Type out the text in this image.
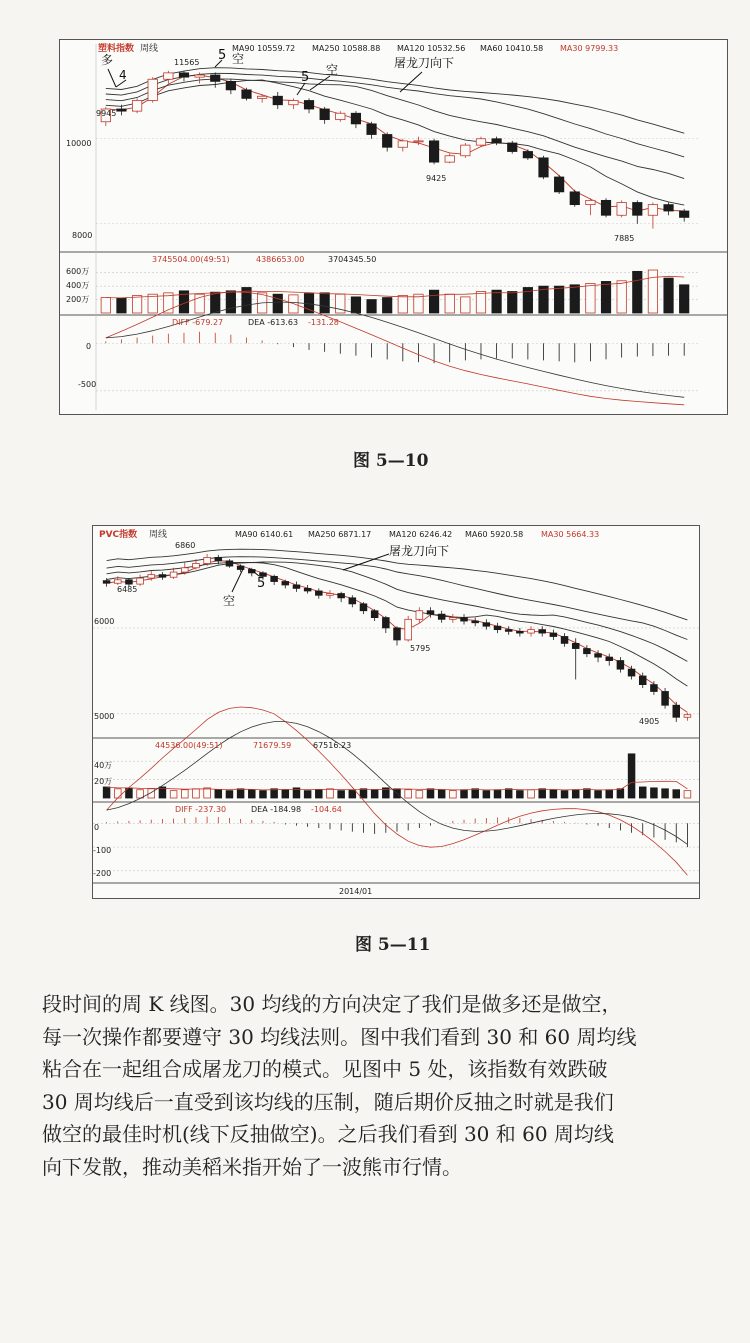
塑料指数 周线	MA90 10559.72 MA250 10588.88 MA120 10532.56 MA60 10410.58 MA30 9799.33
10000
8000
11565
9945
9425
7885
多
4
5 空
5 空	屠龙刀向下
3745504.00(49:51)	4386653.00	3704345.50
600万
400万
200万
DIFF -679.27	DEA -613.63 -131.28
0
-500
图 5—10
PVC指数 周线	MA90 6140.61 MA250 6871.17 MA120 6246.42 MA60 5920.58 MA30 5664.33
6000
5000
6860
6485
5795
4905
5
空
屠龙刀向下
44536.00(49:51)	71679.59	67516.23
40万
20万
DIFF -237.30	DEA -184.98 -104.64
0
-100
-200
2014/01
图 5—11

段时间的周 K 线图。30 均线的方向决定了我们是做多还是做空，

每一次操作都要遵守 30 均线法则。图中我们看到 30 和 60 周均线

粘合在一起组合成屠龙刀的模式。见图中 5 处，该指数有效跌破

30 周均线后一直受到该均线的压制，随后期价反抽之时就是我们

做空的最佳时机(线下反抽做空)。之后我们看到 30 和 60 周均线

向下发散，推动美稻米指开始了一波熊市行情。
